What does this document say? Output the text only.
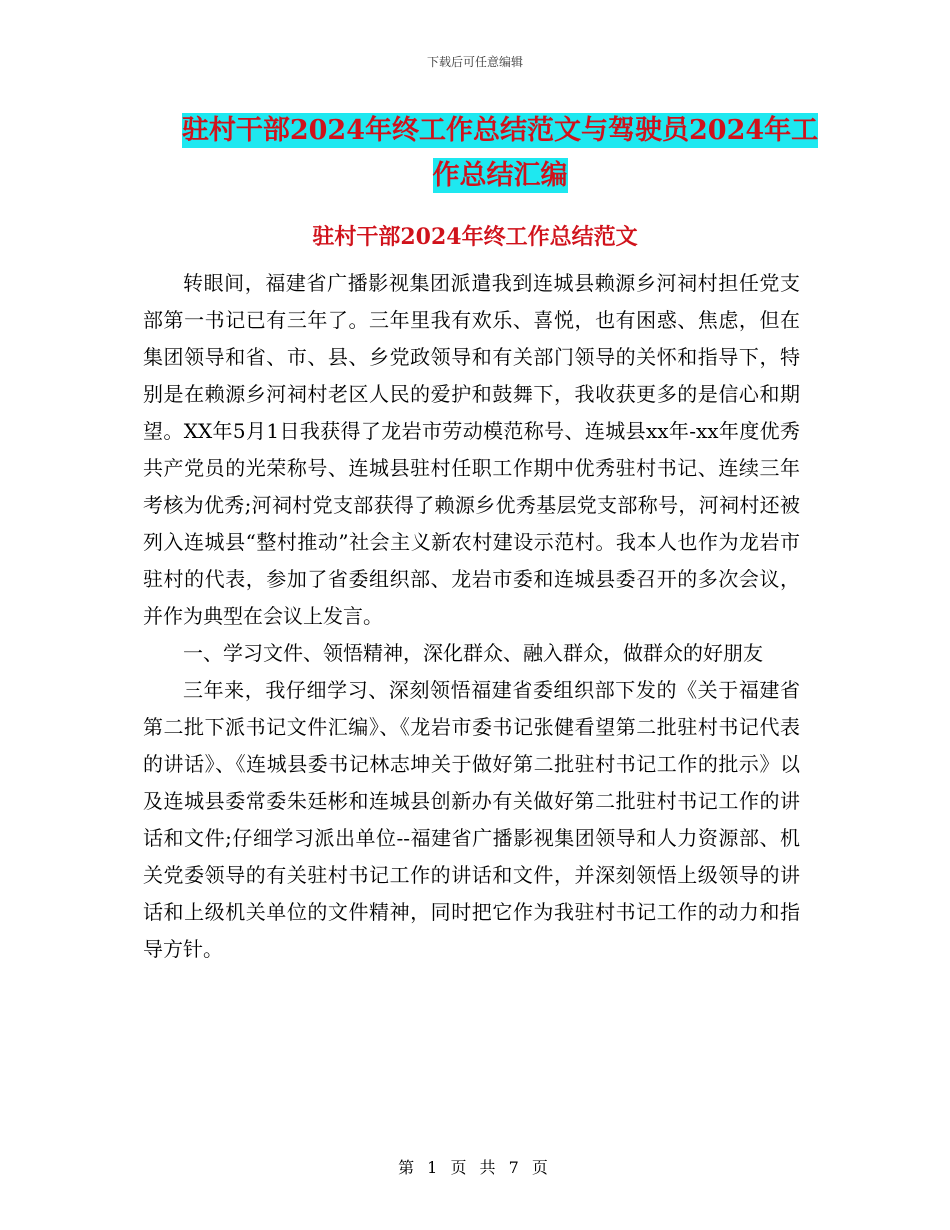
下载后可任意编辑
驻村干部2024年终工作总结范文与驾驶员2024年工
作总结汇编
驻村干部2024年终工作总结范文

转眼间，福建省广播影视集团派遣我到连城县赖源乡河祠村担任党支部第一书记已有三年了。三年里我有欢乐、喜悦，也有困惑、焦虑，但在集团领导和省、市、县、乡党政领导和有关部门领导的关怀和指导下，特别是在赖源乡河祠村老区人民的爱护和鼓舞下，我收获更多的是信心和期望。XX年5月1日我获得了龙岩市劳动模范称号、连城县xx年-xx年度优秀共产党员的光荣称号、连城县驻村任职工作期中优秀驻村书记、连续三年考核为优秀;河祠村党支部获得了赖源乡优秀基层党支部称号，河祠村还被列入连城县“整村推动”社会主义新农村建设示范村。我本人也作为龙岩市驻村的代表，参加了省委组织部、龙岩市委和连城县委召开的多次会议，并作为典型在会议上发言。

一、学习文件、领悟精神，深化群众、融入群众，做群众的好朋友

三年来，我仔细学习、深刻领悟福建省委组织部下发的《关于福建省第二批下派书记文件汇编》、《龙岩市委书记张健看望第二批驻村书记代表的讲话》、《连城县委书记林志坤关于做好第二批驻村书记工作的批示》以及连城县委常委朱廷彬和连城县创新办有关做好第二批驻村书记工作的讲话和文件;仔细学习派出单位--福建省广播影视集团领导和人力资源部、机关党委领导的有关驻村书记工作的讲话和文件，并深刻领悟上级领导的讲话和上级机关单位的文件精神，同时把它作为我驻村书记工作的动力和指导方针。

第 1 页 共 7 页
